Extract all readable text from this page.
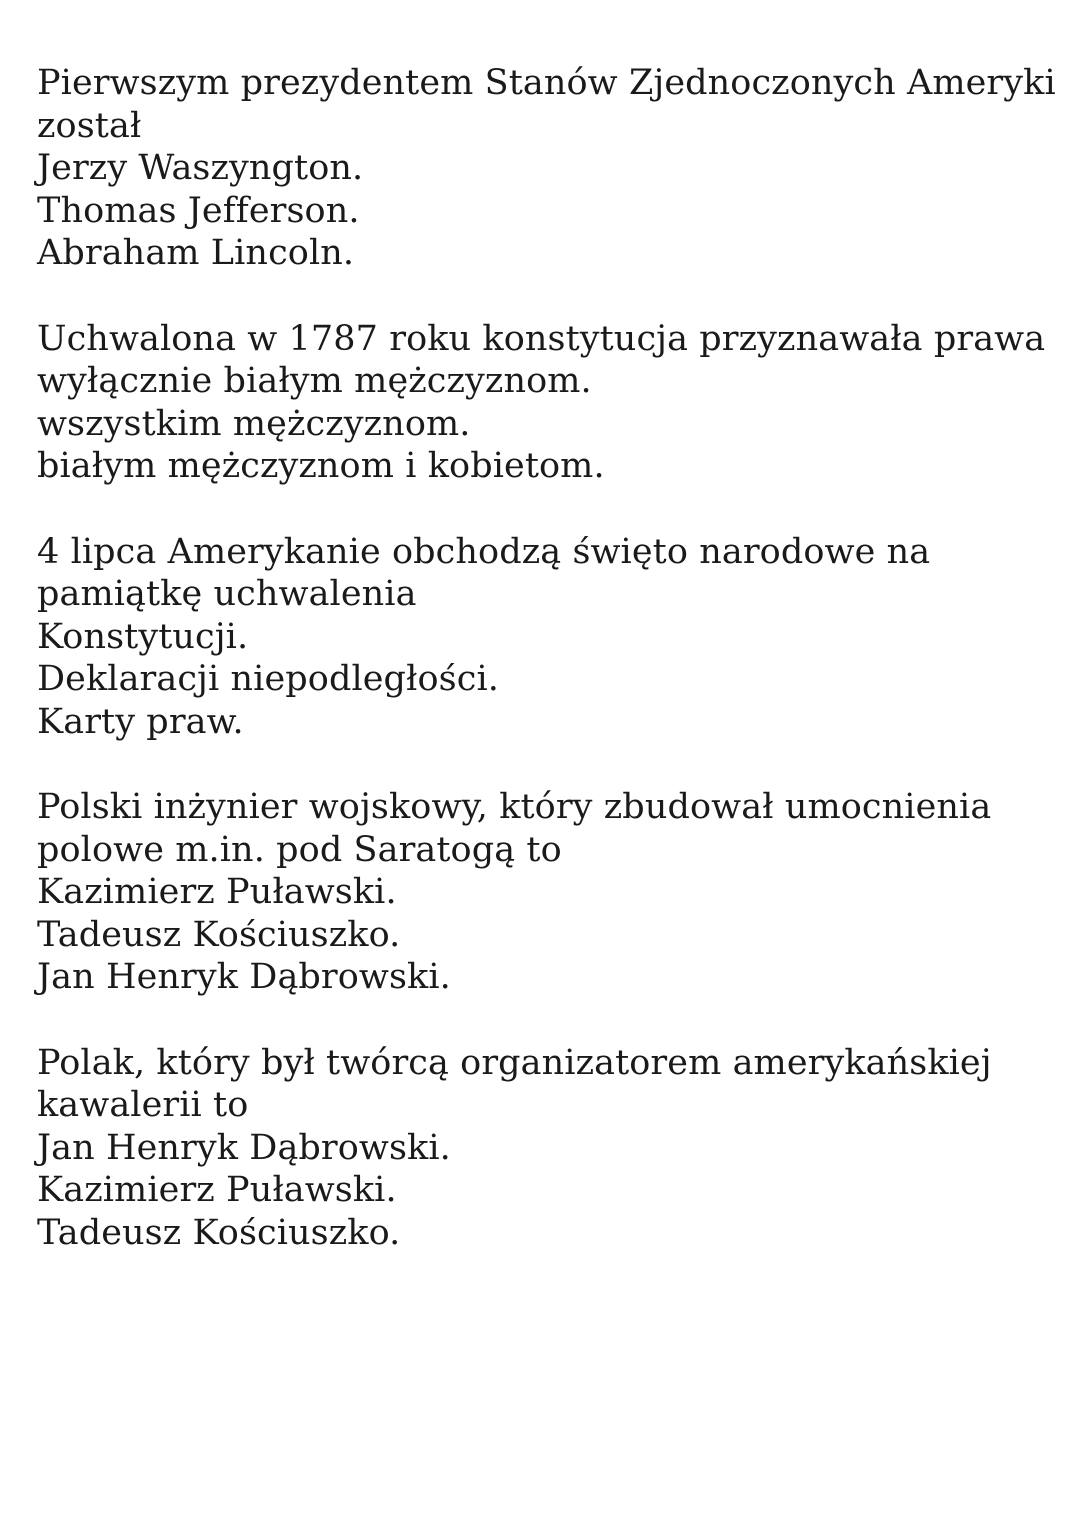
Pierwszym prezydentem Stanów Zjednoczonych Ameryki
został
Jerzy Waszyngton.
Thomas Jefferson.
Abraham Lincoln.
Uchwalona w 1787 roku konstytucja przyznawała prawa
wyłącznie białym mężczyznom.
wszystkim mężczyznom.
białym mężczyznom i kobietom.
4 lipca Amerykanie obchodzą święto narodowe na
pamiątkę uchwalenia
Konstytucji.
Deklaracji niepodległości.
Karty praw.
Polski inżynier wojskowy, który zbudował umocnienia
polowe m.in. pod Saratogą to
Kazimierz Puławski.
Tadeusz Kościuszko.
Jan Henryk Dąbrowski.
Polak, który był twórcą organizatorem amerykańskiej
kawalerii to
Jan Henryk Dąbrowski.
Kazimierz Puławski.
Tadeusz Kościuszko.
